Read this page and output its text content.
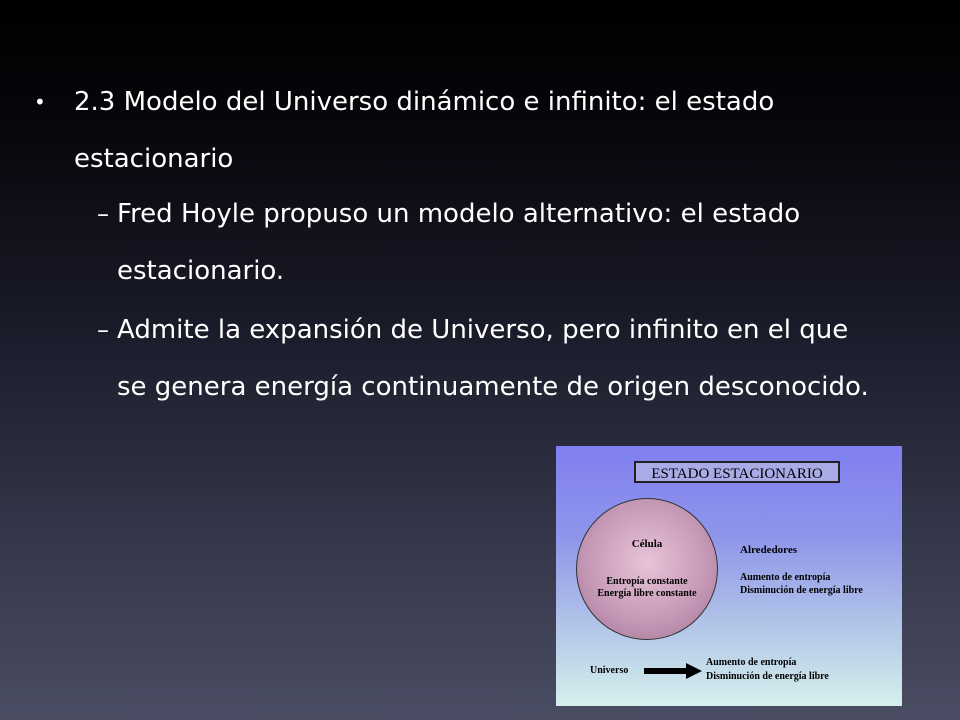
• 2.3 Modelo del Universo dinámico e infinito: el estado estacionario
– Fred Hoyle propuso un modelo alternativo: el estado estacionario.
– Admite la expansión de Universo, pero infinito en el que se genera energía continuamente de origen desconocido.
ESTADO ESTACIONARIO
Célula
Entropía constante
Energía libre constante
Alrededores
Aumento de entropía
Disminución de energía libre
Universo
Aumento de entropía
Disminución de energía libre
